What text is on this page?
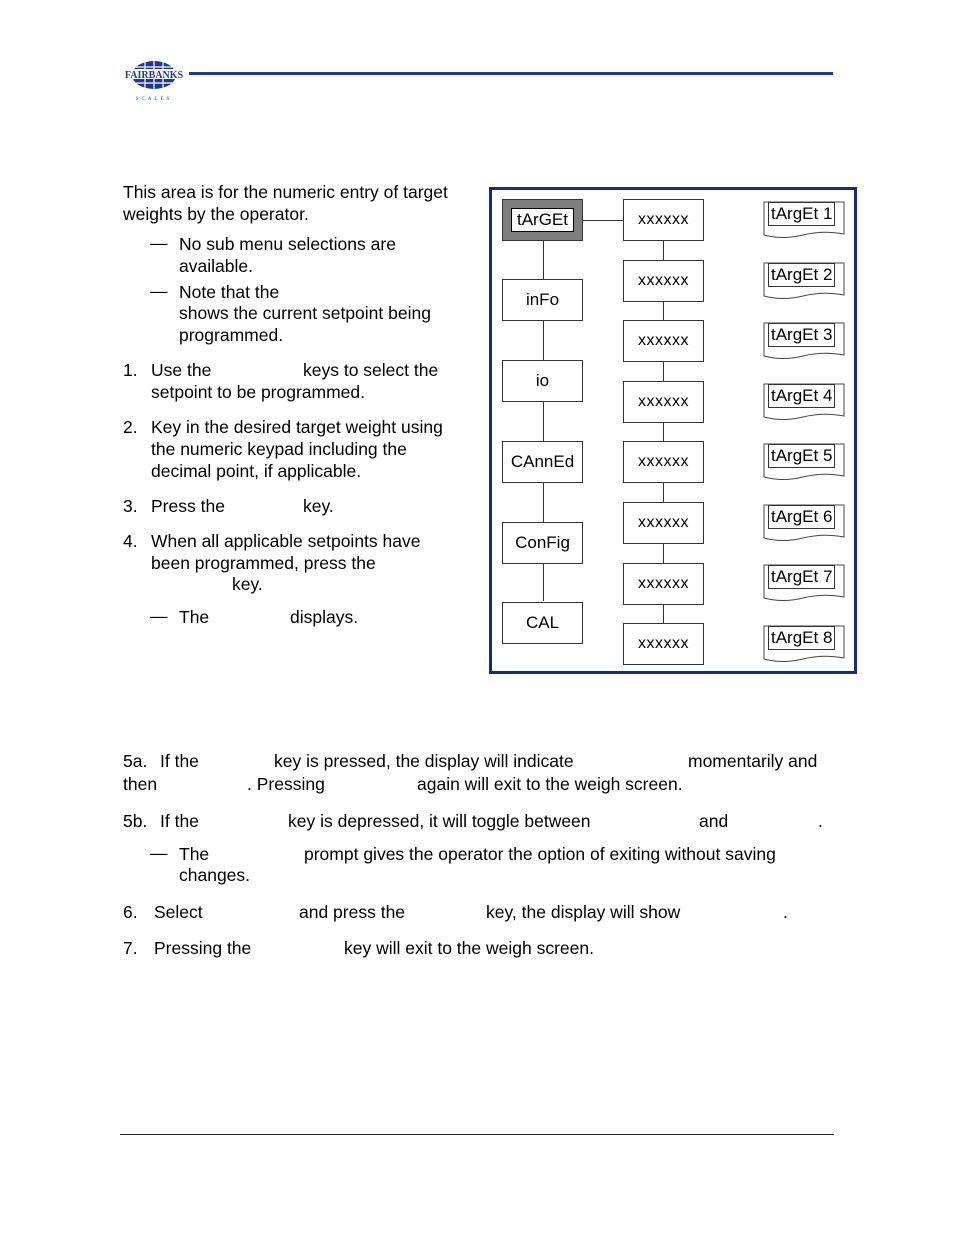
FAIRBANKS
SCALES
This area is for the numeric entry of target weights by the operator.
— No sub menu selections are available.
— Note that the
shows the current setpoint being programmed.
1. Use the	keys to select the
setpoint to be programmed.
2. Key in the desired target weight using the numeric keypad including the decimal point, if applicable.
3. Press the	key.
4. When all applicable setpoints have
been programmed, press the
key.
— The	displays.
tArGEt
inFo
io
CAnnEd
ConFig
CAL
xxxxxx
xxxxxx
xxxxxx
xxxxxx
xxxxxx
xxxxxx
xxxxxx
xxxxxx
tArgEt 1
tArgEt 2
tArgEt 3
tArgEt 4
tArgEt 5
tArgEt 6
tArgEt 7
tArgEt 8
5a. If the	key is pressed, the display will indicate	momentarily and
then	. Pressing	again will exit to the weigh screen.
5b. If the	key is depressed, it will toggle between	and	.
— The	prompt gives the operator the option of exiting without saving
changes.
6. Select	and press the	key, the display will show	.
7. Pressing the	key will exit to the weigh screen.
